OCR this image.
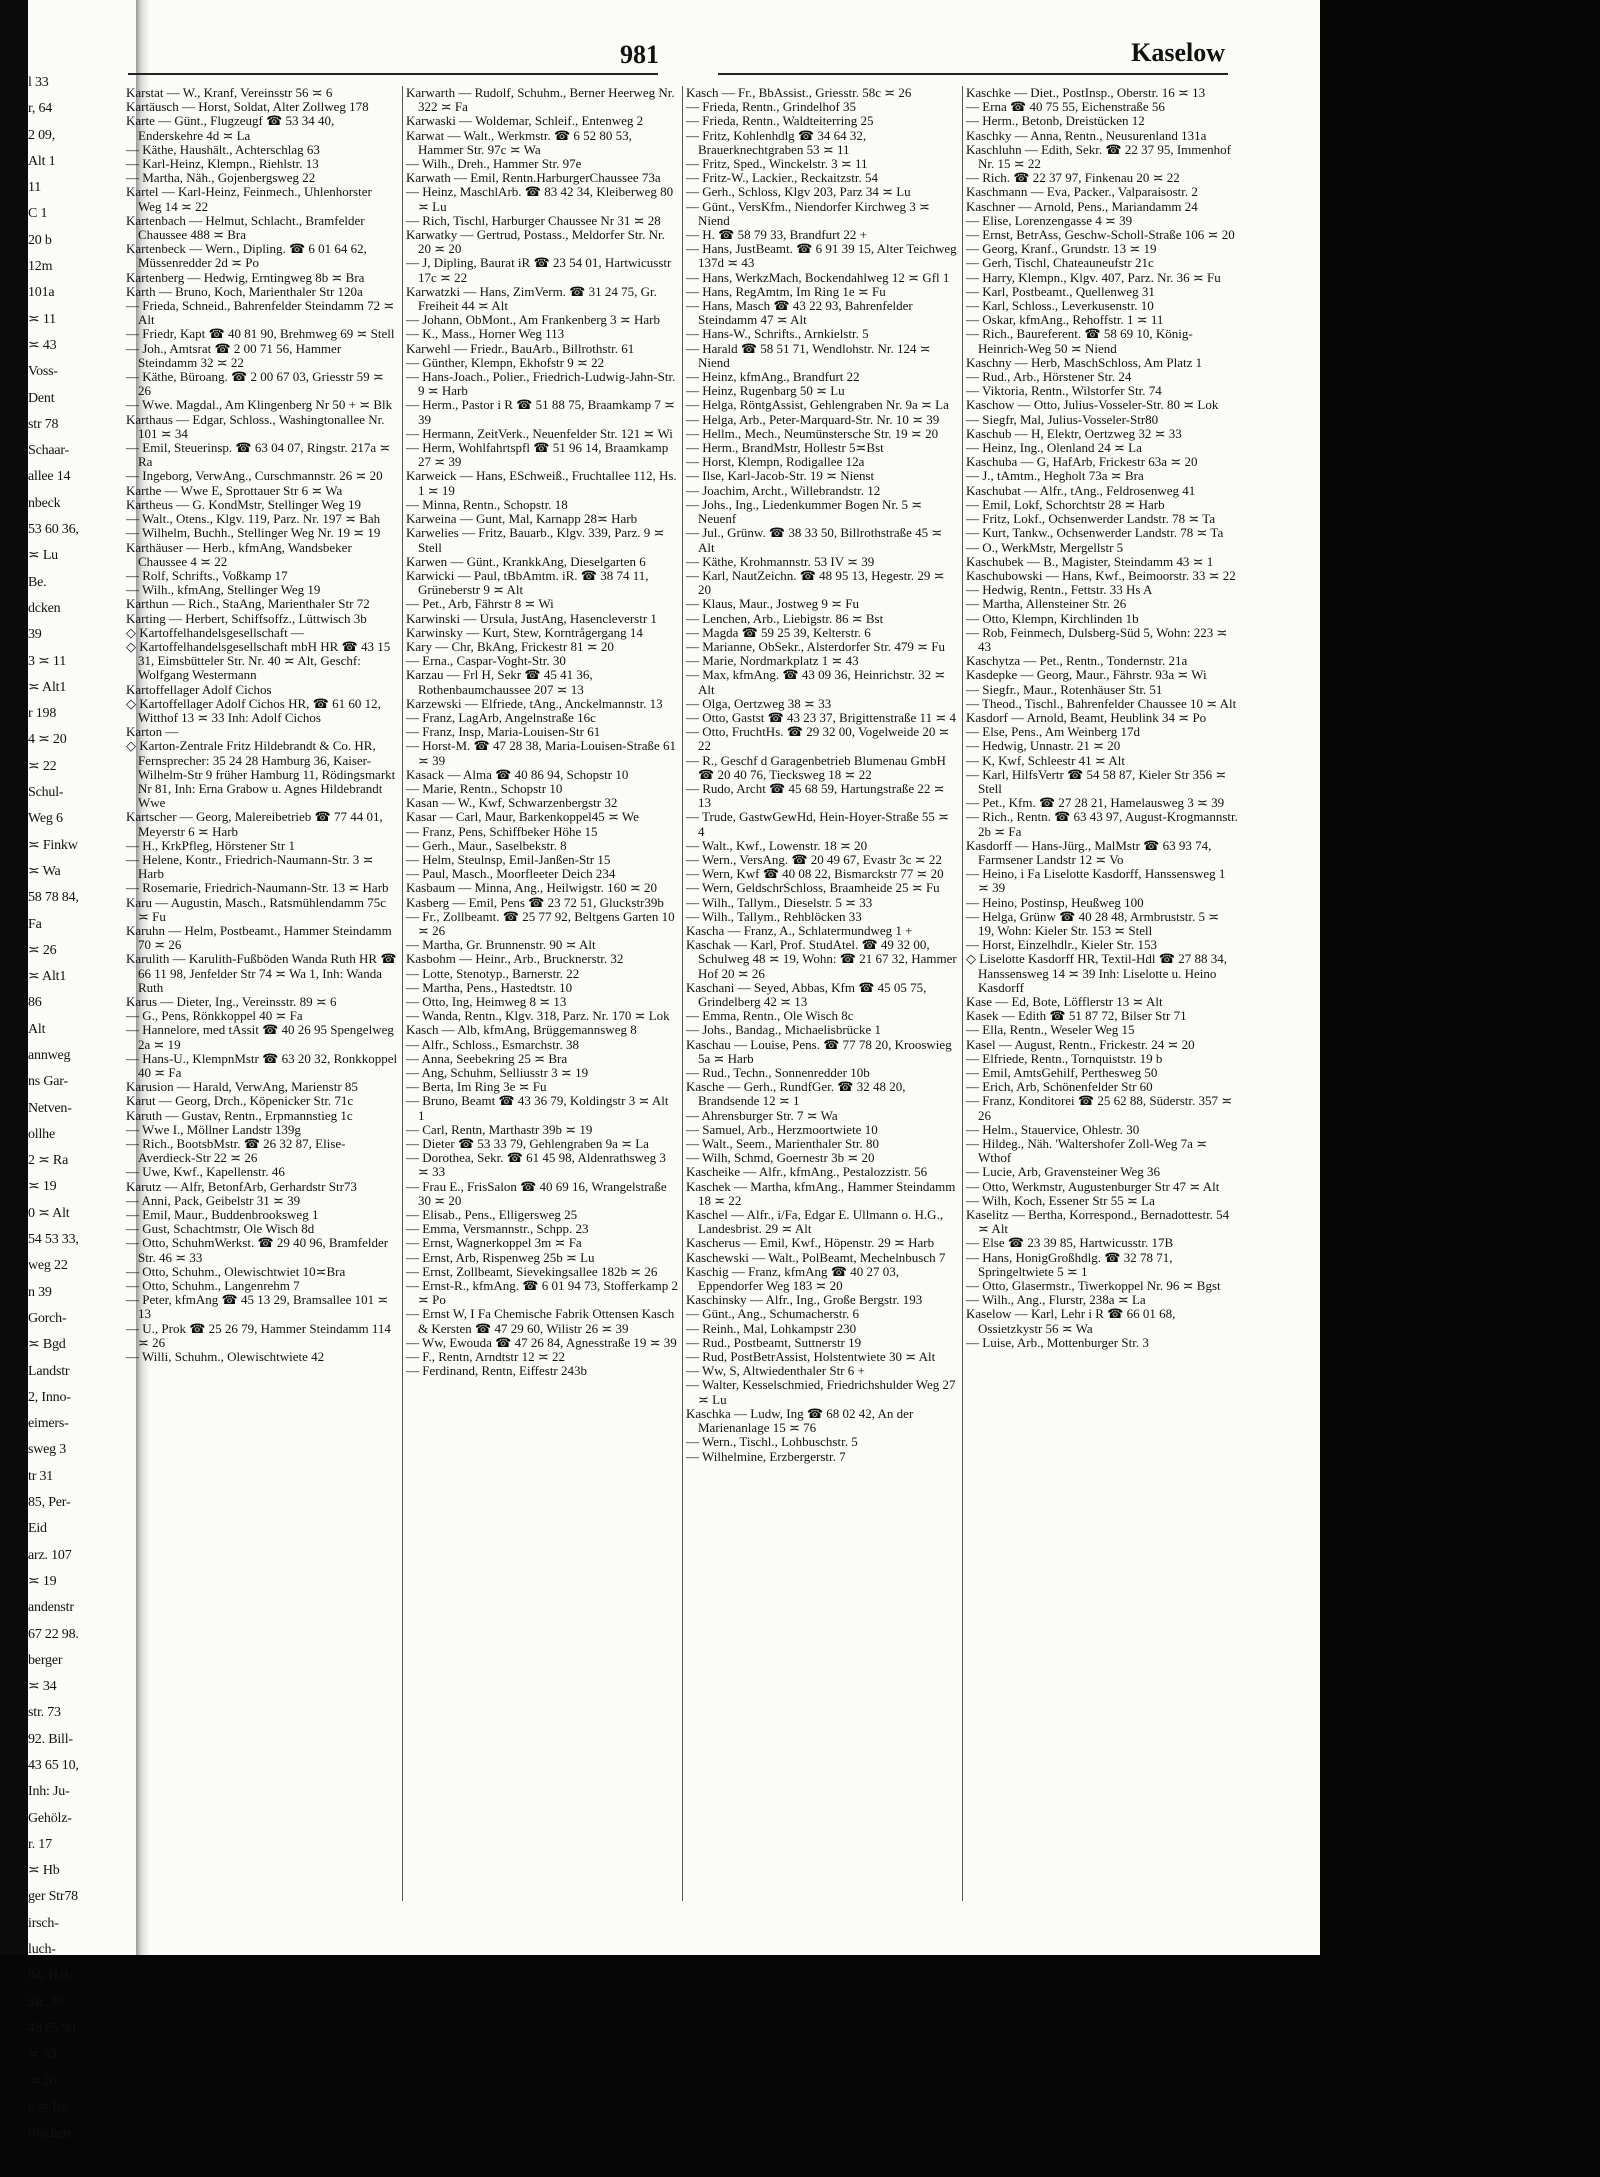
l 33
r, 64
2 09,
Alt 1
11
C 1
20 b
12m
101a
≍ 11
≍ 43
Voss-
Dent
str 78
Schaar-
allee 14
nbeck
53 60 36,
≍ Lu
Be.
dcken
39
3 ≍ 11
≍ Alt1
r 198
4 ≍ 20
≍ 22
Schul-
Weg 6
≍ Finkw
≍ Wa
58 78 84,
Fa
≍ 26
≍ Alt1
86
Alt
annweg
ns Gar-
Netven-
ollhe
2 ≍ Ra
≍ 19
0 ≍ Alt
54 53 33,
weg 22
n 39
Gorch-
≍ Bgd
Landstr
2, Inno-
eimers-
sweg 3
tr 31
85, Per-
Eid
arz. 107
≍ 19
andenstr
67 22 98.
berger
≍ 34
str. 73
92. Bill-
43 65 10,
Inh: Ju-
Gehölz-
r. 17
≍ Hb
ger Str78
irsch-
luch-
84, Hal-
Str. 39
48 65 90,
≍ 33
≍ 20
c ≍ Ra
röschen-
981	Kaselow

Karstat — W., Kranf, Vereinsstr 56 ≍ 6

Kartäusch — Horst, Soldat, Alter Zollweg 178

Karte — Günt., Flugzeugf ☎ 53 34 40, Enderskehre 4d ≍ La

— Käthe, Haushält., Achterschlag 63

— Karl-Heinz, Klempn., Riehlstr. 13

— Martha, Näh., Gojenbergsweg 22

Kartel — Karl-Heinz, Feinmech., Uhlenhorster Weg 14 ≍ 22

Kartenbach — Helmut, Schlacht., Bramfelder Chaussee 488 ≍ Bra

Kartenbeck — Wern., Dipling. ☎ 6 01 64 62, Müssenredder 2d ≍ Po

Kartenberg — Hedwig, Erntingweg 8b ≍ Bra

Karth — Bruno, Koch, Marienthaler Str 120a

— Frieda, Schneid., Bahrenfelder Steindamm 72 ≍ Alt

— Friedr, Kapt ☎ 40 81 90, Brehmweg 69 ≍ Stell

— Joh., Amtsrat ☎ 2 00 71 56, Hammer Steindamm 32 ≍ 22

— Käthe, Büroang. ☎ 2 00 67 03, Griesstr 59 ≍ 26

— Wwe. Magdal., Am Klingenberg Nr 50 + ≍ Blk

Karthaus — Edgar, Schloss., Washingtonallee Nr. 101 ≍ 34

— Emil, Steuerinsp. ☎ 63 04 07, Ringstr. 217a ≍ Ra

— Ingeborg, VerwAng., Curschmannstr. 26 ≍ 20

Karthe — Wwe E, Sprottauer Str 6 ≍ Wa

Kartheus — G. KondMstr, Stellinger Weg 19

— Walt., Otens., Klgv. 119, Parz. Nr. 197 ≍ Bah

— Wilhelm, Buchh., Stellinger Weg Nr. 19 ≍ 19

Karthäuser — Herb., kfmAng, Wandsbeker Chaussee 4 ≍ 22

— Rolf, Schrifts., Voßkamp 17

— Wilh., kfmAng, Stellinger Weg 19

Karthun — Rich., StaAng, Marienthaler Str 72

Karting — Herbert, Schiffsoffz., Lüttwisch 3b

◇ Kartoffelhandelsgesellschaft —

◇ Kartoffelhandelsgesellschaft mbH HR ☎ 43 15 31, Eimsbütteler Str. Nr. 40 ≍ Alt, Geschf: Wolfgang Westermann

Kartoffellager Adolf Cichos

◇ Kartoffellager Adolf Cichos HR, ☎ 61 60 12, Witthof 13 ≍ 33 Inh: Adolf Cichos

Karton —

◇ Karton-Zentrale Fritz Hildebrandt & Co. HR, Fernsprecher: 35 24 28 Hamburg 36, Kaiser-Wilhelm-Str 9 früher Hamburg 11, Rödingsmarkt Nr 81, Inh: Erna Grabow u. Agnes Hildebrandt Wwe

Kartscher — Georg, Malereibetrieb ☎ 77 44 01, Meyerstr 6 ≍ Harb

— H., KrkPfleg, Hörstener Str 1

— Helene, Kontr., Friedrich-Naumann-Str. 3 ≍ Harb

— Rosemarie, Friedrich-Naumann-Str. 13 ≍ Harb

Karu — Augustin, Masch., Ratsmühlendamm 75c ≍ Fu

Karuhn — Helm, Postbeamt., Hammer Steindamm 70 ≍ 26

Karulith — Karulith-Fußböden Wanda Ruth HR ☎ 66 11 98, Jenfelder Str 74 ≍ Wa 1, Inh: Wanda Ruth

Karus — Dieter, Ing., Vereinsstr. 89 ≍ 6

— G., Pens, Rönkkoppel 40 ≍ Fa

— Hannelore, med tAssit ☎ 40 26 95 Spengelweg 2a ≍ 19

— Hans-U., KlempnMstr ☎ 63 20 32, Ronkkoppel 40 ≍ Fa

Karusion — Harald, VerwAng, Marienstr 85

Karut — Georg, Drch., Köpenicker Str. 71c

Karuth — Gustav, Rentn., Erpmannstieg 1c

— Wwe I., Möllner Landstr 139g

— Rich., BootsbMstr. ☎ 26 32 87, Elise-Averdieck-Str 22 ≍ 26

— Uwe, Kwf., Kapellenstr. 46

Karutz — Alfr, BetonfArb, Gerhardstr Str73

— Anni, Pack, Geibelstr 31 ≍ 39

— Emil, Maur., Buddenbrooksweg 1

— Gust, Schachtmstr, Ole Wisch 8d

— Otto, SchuhmWerkst. ☎ 29 40 96, Bramfelder Str. 46 ≍ 33

— Otto, Schuhm., Olewischtwiet 10≍Bra

— Otto, Schuhm., Langenrehm 7

— Peter, kfmAng ☎ 45 13 29, Bramsallee 101 ≍ 13

— U., Prok ☎ 25 26 79, Hammer Steindamm 114 ≍ 26

— Willi, Schuhm., Olewischtwiete 42

Karwarth — Rudolf, Schuhm., Berner Heerweg Nr. 322 ≍ Fa

Karwaski — Woldemar, Schleif., Entenweg 2

Karwat — Walt., Werkmstr. ☎ 6 52 80 53, Hammer Str. 97c ≍ Wa

— Wilh., Dreh., Hammer Str. 97e

Karwath — Emil, Rentn.HarburgerChaussee 73a

— Heinz, MaschlArb. ☎ 83 42 34, Kleiberweg 80 ≍ Lu

— Rich, Tischl, Harburger Chaussee Nr 31 ≍ 28

Karwatky — Gertrud, Postass., Meldorfer Str. Nr. 20 ≍ 20

— J, Dipling, Baurat iR ☎ 23 54 01, Hartwicusstr 17c ≍ 22

Karwatzki — Hans, ZimVerm. ☎ 31 24 75, Gr. Freiheit 44 ≍ Alt

— Johann, ObMont., Am Frankenberg 3 ≍ Harb

— K., Mass., Horner Weg 113

Karwehl — Friedr., BauArb., Billrothstr. 61

— Günther, Klempn, Ekhofstr 9 ≍ 22

— Hans-Joach., Polier., Friedrich-Ludwig-Jahn-Str. 9 ≍ Harb

— Herm., Pastor i R ☎ 51 88 75, Braamkamp 7 ≍ 39

— Hermann, ZeitVerk., Neuenfelder Str. 121 ≍ Wi

— Herm, Wohlfahrtspfl ☎ 51 96 14, Braamkamp 27 ≍ 39

Karweick — Hans, ESchweiß., Fruchtallee 112, Hs. 1 ≍ 19

— Minna, Rentn., Schopstr. 18

Karweina — Gunt, Mal, Karnapp 28≍ Harb

Karwelies — Fritz, Bauarb., Klgv. 339, Parz. 9 ≍ Stell

Karwen — Günt., KrankkAng, Dieselgarten 6

Karwicki — Paul, tBbAmtm. iR. ☎ 38 74 11, Grüneberstr 9 ≍ Alt

— Pet., Arb, Fährstr 8 ≍ Wi

Karwinski — Ursula, JustAng, Hasencleverstr 1

Karwinsky — Kurt, Stew, Korntrågergang 14

Kary — Chr, BkAng, Frickestr 81 ≍ 20

— Erna., Caspar-Voght-Str. 30

Karzau — Frl H, Sekr ☎ 45 41 36, Rothenbaumchaussee 207 ≍ 13

Karzewski — Elfriede, tAng., Anckelmannstr. 13

— Franz, LagArb, Angelnstraße 16c

— Franz, Insp, Maria-Louisen-Str 61

— Horst-M. ☎ 47 28 38, Maria-Louisen-Straße 61 ≍ 39

Kasack — Alma ☎ 40 86 94, Schopstr 10

— Marie, Rentn., Schopstr 10

Kasan — W., Kwf, Schwarzenbergstr 32

Kasar — Carl, Maur, Barkenkoppel45 ≍ We

— Franz, Pens, Schiffbeker Höhe 15

— Gerh., Maur., Saselbekstr. 8

— Helm, Steulnsp, Emil-Janßen-Str 15

— Paul, Masch., Moorfleeter Deich 234

Kasbaum — Minna, Ang., Heilwigstr. 160 ≍ 20

Kasberg — Emil, Pens ☎ 23 72 51, Gluckstr39b

— Fr., Zollbeamt. ☎ 25 77 92, Beltgens Garten 10 ≍ 26

— Martha, Gr. Brunnenstr. 90 ≍ Alt

Kasbohm — Heinr., Arb., Brucknerstr. 32

— Lotte, Stenotyp., Barnerstr. 22

— Martha, Pens., Hastedtstr. 10

— Otto, Ing, Heimweg 8 ≍ 13

— Wanda, Rentn., Klgv. 318, Parz. Nr. 170 ≍ Lok

Kasch — Alb, kfmAng, Brüggemannsweg 8

— Alfr., Schloss., Esmarchstr. 38

— Anna, Seebekring 25 ≍ Bra

— Ang, Schuhm, Selliusstr 3 ≍ 19

— Berta, Im Ring 3e ≍ Fu

— Bruno, Beamt ☎ 43 36 79, Koldingstr 3 ≍ Alt 1

— Carl, Rentn, Marthastr 39b ≍ 19

— Dieter ☎ 53 33 79, Gehlengraben 9a ≍ La

— Dorothea, Sekr. ☎ 61 45 98, Aldenrathsweg 3 ≍ 33

— Frau E., FrisSalon ☎ 40 69 16, Wrangelstraße 30 ≍ 20

— Elisab., Pens., Elligersweg 25

— Emma, Versmannstr., Schpp. 23

— Ernst, Wagnerkoppel 3m ≍ Fa

— Ernst, Arb, Rispenweg 25b ≍ Lu

— Ernst, Zollbeamt, Sievekingsallee 182b ≍ 26

— Ernst-R., kfmAng. ☎ 6 01 94 73, Stofferkamp 2 ≍ Po

— Ernst W, I Fa Chemische Fabrik Ottensen Kasch & Kersten ☎ 47 29 60, Wilistr 26 ≍ 39

— Ww, Ewouda ☎ 47 26 84, Agnesstraße 19 ≍ 39

— F., Rentn, Arndtstr 12 ≍ 22

— Ferdinand, Rentn, Eiffestr 243b

Kasch — Fr., BbAssist., Griesstr. 58c ≍ 26

— Frieda, Rentn., Grindelhof 35

— Frieda, Rentn., Waldteiterring 25

— Fritz, Kohlenhdlg ☎ 34 64 32, Brauerknechtgraben 53 ≍ 11

— Fritz, Sped., Winckelstr. 3 ≍ 11

— Fritz-W., Lackier., Reckaitzstr. 54

— Gerh., Schloss, Klgv 203, Parz 34 ≍ Lu

— Günt., VersKfm., Niendorfer Kirchweg 3 ≍ Niend

— H. ☎ 58 79 33, Brandfurt 22 +

— Hans, JustBeamt. ☎ 6 91 39 15, Alter Teichweg 137d ≍ 43

— Hans, WerkzMach, Bockendahlweg 12 ≍ Gfl 1

— Hans, RegAmtm, Im Ring 1e ≍ Fu

— Hans, Masch ☎ 43 22 93, Bahrenfelder Steindamm 47 ≍ Alt

— Hans-W., Schrifts., Arnkielstr. 5

— Harald ☎ 58 51 71, Wendlohstr. Nr. 124 ≍ Niend

— Heinz, kfmAng., Brandfurt 22

— Heinz, Rugenbarg 50 ≍ Lu

— Helga, RöntgAssist, Gehlengraben Nr. 9a ≍ La

— Helga, Arb., Peter-Marquard-Str. Nr. 10 ≍ 39

— Hellm., Mech., Neumünstersche Str. 19 ≍ 20

— Herm., BrandMstr, Hollestr 5≍Bst

— Horst, Klempn, Rodigallee 12a

— Ilse, Karl-Jacob-Str. 19 ≍ Nienst

— Joachim, Archt., Willebrandstr. 12

— Johs., Ing., Liedenkummer Bogen Nr. 5 ≍ Neuenf

— Jul., Grünw. ☎ 38 33 50, Billrothstraße 45 ≍ Alt

— Käthe, Krohmannstr. 53 IV ≍ 39

— Karl, NautZeichn. ☎ 48 95 13, Hegestr. 29 ≍ 20

— Klaus, Maur., Jostweg 9 ≍ Fu

— Lenchen, Arb., Liebigstr. 86 ≍ Bst

— Magda ☎ 59 25 39, Kelterstr. 6

— Marianne, ObSekr., Alsterdorfer Str. 479 ≍ Fu

— Marie, Nordmarkplatz 1 ≍ 43

— Max, kfmAng. ☎ 43 09 36, Heinrichstr. 32 ≍ Alt

— Olga, Oertzweg 38 ≍ 33

— Otto, Gastst ☎ 43 23 37, Brigittenstraße 11 ≍ 4

— Otto, FruchtHs. ☎ 29 32 00, Vogelweide 20 ≍ 22

— R., Geschf d Garagenbetrieb Blumenau GmbH ☎ 20 40 76, Tiecksweg 18 ≍ 22

— Rudo, Archt ☎ 45 68 59, Hartungstraße 22 ≍ 13

— Trude, GastwGewHd, Hein-Hoyer-Straße 55 ≍ 4

— Walt., Kwf., Lowenstr. 18 ≍ 20

— Wern., VersAng. ☎ 20 49 67, Evastr 3c ≍ 22

— Wern, Kwf ☎ 40 08 22, Bismarckstr 77 ≍ 20

— Wern, GeldschrSchloss, Braamheide 25 ≍ Fu

— Wilh., Tallym., Dieselstr. 5 ≍ 33

— Wilh., Tallym., Rehblöcken 33

Kascha — Franz, A., Schlatermundweg 1 +

Kaschak — Karl, Prof. StudAtel. ☎ 49 32 00, Schulweg 48 ≍ 19, Wohn: ☎ 21 67 32, Hammer Hof 20 ≍ 26

Kaschani — Seyed, Abbas, Kfm ☎ 45 05 75, Grindelberg 42 ≍ 13

— Emma, Rentn., Ole Wisch 8c

— Johs., Bandag., Michaelisbrücke 1

Kaschau — Louise, Pens. ☎ 77 78 20, Krooswieg 5a ≍ Harb

— Rud., Techn., Sonnenredder 10b

Kasche — Gerh., RundfGer. ☎ 32 48 20, Brandsende 12 ≍ 1

— Ahrensburger Str. 7 ≍ Wa

— Samuel, Arb., Herzmoortwiete 10

— Walt., Seem., Marienthaler Str. 80

— Wilh, Schmd, Goernestr 3b ≍ 20

Kascheike — Alfr., kfmAng., Pestalozzistr. 56

Kaschek — Martha, kfmAng., Hammer Steindamm 18 ≍ 22

Kaschel — Alfr., i/Fa, Edgar E. Ullmann o. H.G., Landesbrist. 29 ≍ Alt

Kascherus — Emil, Kwf., Höpenstr. 29 ≍ Harb

Kaschewski — Walt., PolBeamt, Mechelnbusch 7

Kaschig — Franz, kfmAng ☎ 40 27 03, Eppendorfer Weg 183 ≍ 20

Kaschinsky — Alfr., Ing., Große Bergstr. 193

— Günt., Ang., Schumacherstr. 6

— Reinh., Mal, Lohkampstr 230

— Rud., Postbeamt, Suttnerstr 19

— Rud, PostBetrAssist, Holstentwiete 30 ≍ Alt

— Ww, S, Altwiedenthaler Str 6 +

— Walter, Kesselschmied, Friedrichshulder Weg 27 ≍ Lu

Kaschka — Ludw, Ing ☎ 68 02 42, An der Marienanlage 15 ≍ 76

— Wern., Tischl., Lohbuschstr. 5

— Wilhelmine, Erzbergerstr. 7

Kaschke — Diet., PostInsp., Oberstr. 16 ≍ 13

— Erna ☎ 40 75 55, Eichenstraße 56

— Herm., Betonb, Dreistücken 12

Kaschky — Anna, Rentn., Neusurenland 131a

Kaschluhn — Edith, Sekr. ☎ 22 37 95, Immenhof Nr. 15 ≍ 22

— Rich. ☎ 22 37 97, Finkenau 20 ≍ 22

Kaschmann — Eva, Packer., Valparaisostr. 2

Kaschner — Arnold, Pens., Mariandamm 24

— Elise, Lorenzengasse 4 ≍ 39

— Ernst, BetrAss, Geschw-Scholl-Straße 106 ≍ 20

— Georg, Kranf., Grundstr. 13 ≍ 19

— Gerh, Tischl, Chateauneufstr 21c

— Harry, Klempn., Klgv. 407, Parz. Nr. 36 ≍ Fu

— Karl, Postbeamt., Quellenweg 31

— Karl, Schloss., Leverkusenstr. 10

— Oskar, kfmAng., Rehoffstr. 1 ≍ 11

— Rich., Baureferent. ☎ 58 69 10, König-Heinrich-Weg 50 ≍ Niend

Kaschny — Herb, MaschSchloss, Am Platz 1

— Rud., Arb., Hörstener Str. 24

— Viktoria, Rentn., Wilstorfer Str. 74

Kaschow — Otto, Julius-Vosseler-Str. 80 ≍ Lok

— Siegfr, Mal, Julius-Vosseler-Str80

Kaschub — H, Elektr, Oertzweg 32 ≍ 33

— Heinz, Ing., Olenland 24 ≍ La

Kaschuba — G, HafArb, Frickestr 63a ≍ 20

— J., tAmtm., Hegholt 73a ≍ Bra

Kaschubat — Alfr., tAng., Feldrosenweg 41

— Emil, Lokf, Schorchtstr 28 ≍ Harb

— Fritz, Lokf., Ochsenwerder Landstr. 78 ≍ Ta

— Kurt, Tankw., Ochsenwerder Landstr. 78 ≍ Ta

— O., WerkMstr, Mergellstr 5

Kaschubek — B., Magister, Steindamm 43 ≍ 1

Kaschubowski — Hans, Kwf., Beimoorstr. 33 ≍ 22

— Hedwig, Rentn., Fettstr. 33 Hs A

— Martha, Allensteiner Str. 26

— Otto, Klempn, Kirchlinden 1b

— Rob, Feinmech, Dulsberg-Süd 5, Wohn: 223 ≍ 43

Kaschytza — Pet., Rentn., Tondernstr. 21a

Kasdepke — Georg, Maur., Fährstr. 93a ≍ Wi

— Siegfr., Maur., Rotenhäuser Str. 51

— Theod., Tischl., Bahrenfelder Chaussee 10 ≍ Alt

Kasdorf — Arnold, Beamt, Heublink 34 ≍ Po

— Else, Pens., Am Weinberg 17d

— Hedwig, Unnastr. 21 ≍ 20

— K, Kwf, Schleestr 41 ≍ Alt

— Karl, HilfsVertr ☎ 54 58 87, Kieler Str 356 ≍ Stell

— Pet., Kfm. ☎ 27 28 21, Hamelausweg 3 ≍ 39

— Rich., Rentn. ☎ 63 43 97, August-Krogmannstr. 2b ≍ Fa

Kasdorff — Hans-Jürg., MalMstr ☎ 63 93 74, Farmsener Landstr 12 ≍ Vo

— Heino, i Fa Liselotte Kasdorff, Hanssensweg 1 ≍ 39

— Heino, Postinsp, Heußweg 100

— Helga, Grünw ☎ 40 28 48, Armbruststr. 5 ≍ 19, Wohn: Kieler Str. 153 ≍ Stell

— Horst, Einzelhdlr., Kieler Str. 153

◇ Liselotte Kasdorff HR, Textil-Hdl ☎ 27 88 34, Hanssensweg 14 ≍ 39 Inh: Liselotte u. Heino Kasdorff

Kase — Ed, Bote, Löfflerstr 13 ≍ Alt

Kasek — Edith ☎ 51 87 72, Bilser Str 71

— Ella, Rentn., Weseler Weg 15

Kasel — August, Rentn., Frickestr. 24 ≍ 20

— Elfriede, Rentn., Tornquiststr. 19 b

— Emil, AmtsGehilf, Perthesweg 50

— Erich, Arb, Schönenfelder Str 60

— Franz, Konditorei ☎ 25 62 88, Süderstr. 357 ≍ 26

— Helm., Stauervice, Ohlestr. 30

— Hildeg., Näh. 'Waltershofer Zoll-Weg 7a ≍ Wthof

— Lucie, Arb, Gravensteiner Weg 36

— Otto, Werkmstr, Augustenburger Str 47 ≍ Alt

— Wilh, Koch, Essener Str 55 ≍ La

Kaselitz — Bertha, Korrespond., Bernadottestr. 54 ≍ Alt

— Else ☎ 23 39 85, Hartwicusstr. 17B

— Hans, HonigGroßhdlg. ☎ 32 78 71, Springeltwiete 5 ≍ 1

— Otto, Glasermstr., Tiwerkoppel Nr. 96 ≍ Bgst

— Wilh., Ang., Flurstr, 238a ≍ La

Kaselow — Karl, Lehr i R ☎ 66 01 68, Ossietzkystr 56 ≍ Wa

— Luise, Arb., Mottenburger Str. 3
